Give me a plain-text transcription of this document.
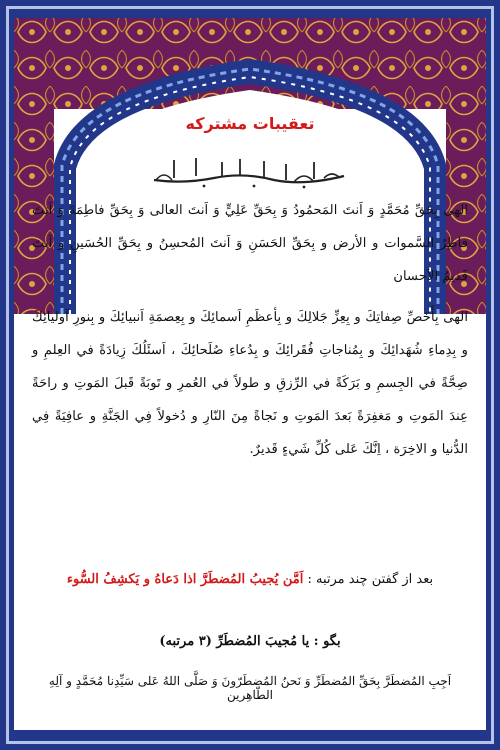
تعقیبات مشترکه

الهی بِحَقِّ مُحَمَّدٍ وَ اَنتَ المَحمُودُ وَ بِحَقِّ عَلِيٍّ وَ اَنتَ العالی وَ بِحَقِّ فاطِمَةَ وَ اَنتَ فاطِرُ السَّموات و الأرض و بِحَقِّ الحَسَنِ وَ اَنتَ المُحسِنُ و بِحَقِّ الحُسَينِ و اَنتَ قَدیمُ الاَحسان

الهی بِأَخَصِّ صِفاتِكَ و بِعِزِّ جَلالِكَ و بِأعظَمِ اَسمائِكَ و بِعِصمَةِ اَنبیائِكَ و بِنورِ اَولیائِكَ و بِدِماءِ شُهَدائِكَ و بِمُناجاتِ فُقَرائِكَ و بِدُعاءِ صُلَحائِكَ ، اَسئَلُكَ زِيادَةً في العِلمِ و صِحَّةً في الجِسمِ و بَرَكَةً في الرِّزقِ و طولاً في العُمرِ و تَوبَةً قَبلَ المَوتِ و راحَةً عِندَ المَوتِ و مَغفِرَةً بَعدَ المَوتِ و نَجاةً مِنَ النّارِ و دُخولاً فِي الجَنَّةِ و عافِيَةً فِي الدُّنيا و الاخِرَة ، اِنَّكَ عَلى كُلِّ شَيءٍ قَديرٌ.

بعد از گفتن چند مرتبه : اَمَّن يُجيبُ المُضطَرَّ اذا دَعاهُ و يَكشِفُ السُّوء
بگو : يا مُجيبَ المُضطَرِّ (۳ مرتبه)
اَجِبِ المُضطَرَّ بِحَقِّ المُضطَرِّ وَ نَحنُ المُضطَرّونَ وَ صَلَّى اللهُ عَلى سَيِّدِنا مُحَمَّدٍ و آلِهِ الطّاهِرين
